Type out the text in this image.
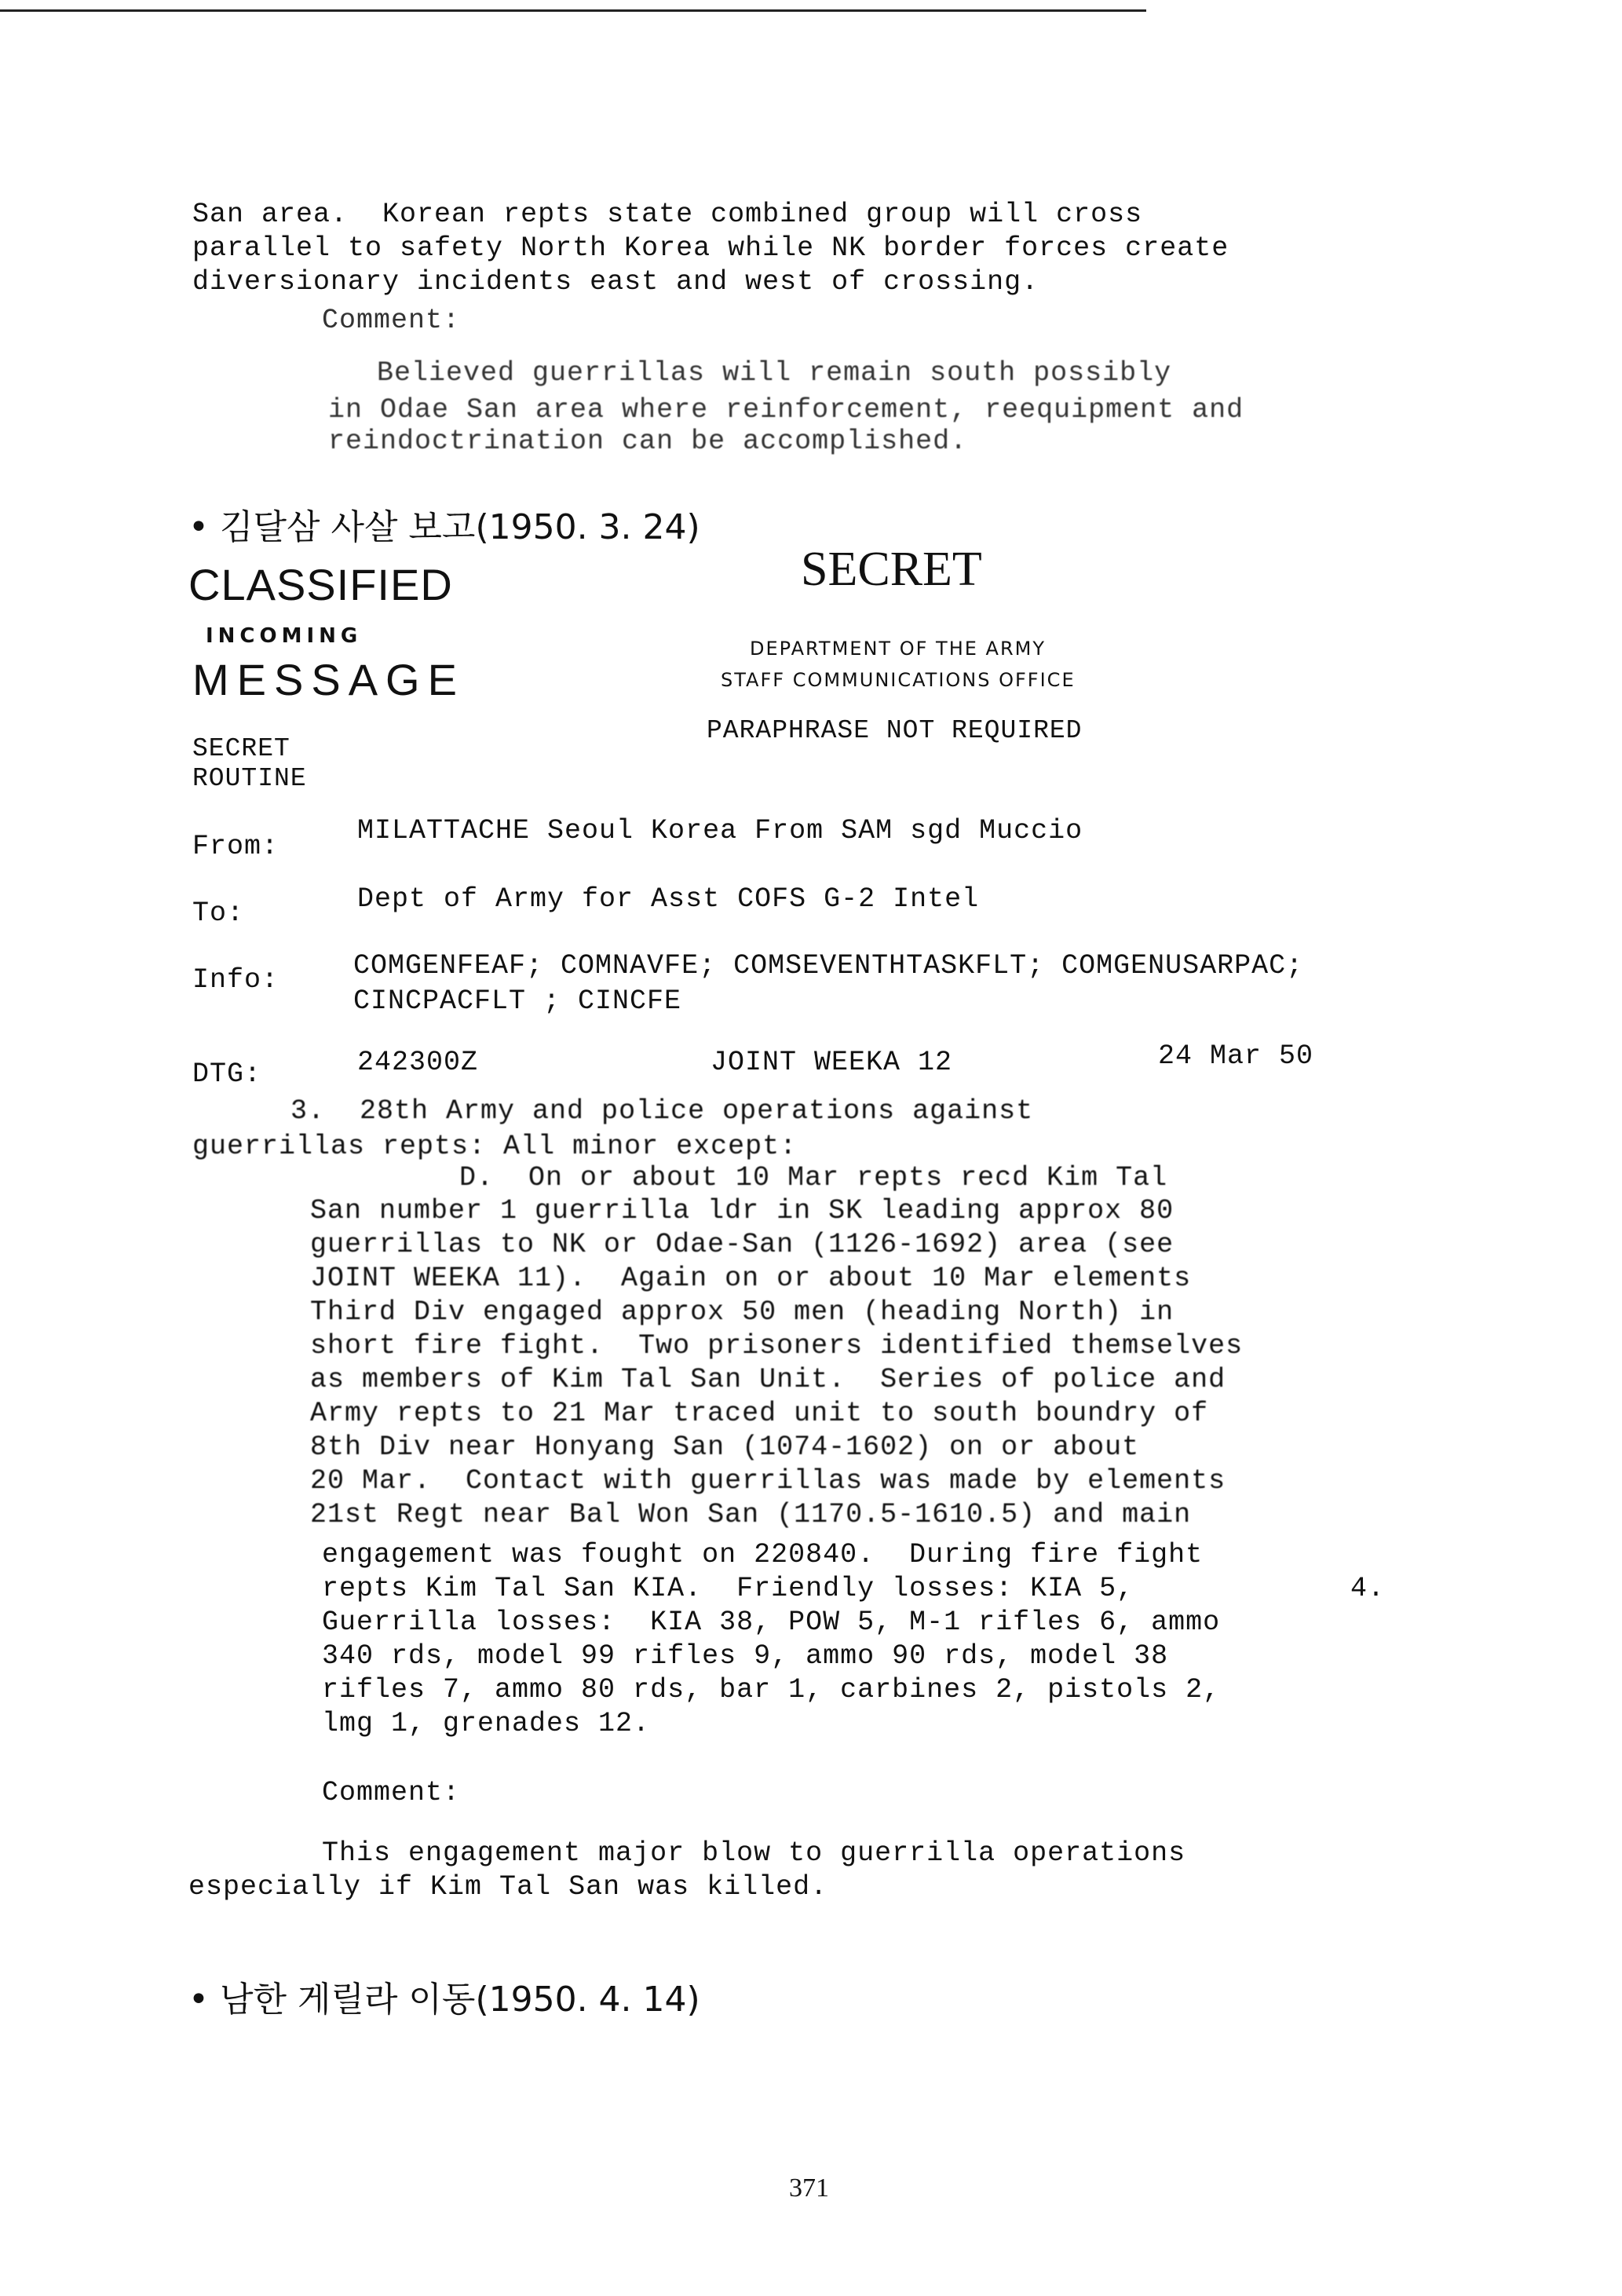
San area.  Korean repts state combined group will cross
parallel to safety North Korea while NK border forces create
diversionary incidents east and west of crossing.
Comment:
Believed guerrillas will remain south possibly
in Odae San area where reinforcement, reequipment and
reindoctrination can be accomplished.
• 김달삼 사살 보고(1950. 3. 24)
CLASSIFIED
INCOMING
MESSAGE
SECRET
DEPARTMENT OF THE ARMY
STAFF COMMUNICATIONS OFFICE
SECRET
ROUTINE
PARAPHRASE NOT REQUIRED
From:	MILATTACHE Seoul Korea From SAM sgd Muccio
To:	Dept of Army for Asst COFS G-2 Intel
Info:	COMGENFEAF; COMNAVFE; COMSEVENTHTASKFLT; COMGENUSARPAC;
CINCPACFLT ; CINCFE
DTG:	242300Z	JOINT WEEKA 12	24 Mar 50
3.  28th Army and police operations against
guerrillas repts: All minor except:
D.  On or about 10 Mar repts recd Kim Tal
San number 1 guerrilla ldr in SK leading approx 80
guerrillas to NK or Odae-San (1126-1692) area (see
JOINT WEEKA 11).  Again on or about 10 Mar elements
Third Div engaged approx 50 men (heading North) in
short fire fight.  Two prisoners identified themselves
as members of Kim Tal San Unit.  Series of police and
Army repts to 21 Mar traced unit to south boundry of
8th Div near Honyang San (1074-1602) on or about
20 Mar.  Contact with guerrillas was made by elements
21st Regt near Bal Won San (1170.5-1610.5) and main
engagement was fought on 220840.  During fire fight
repts Kim Tal San KIA.  Friendly losses: KIA 5,	4.
Guerrilla losses:  KIA 38, POW 5, M-1 rifles 6, ammo
340 rds, model 99 rifles 9, ammo 90 rds, model 38
rifles 7, ammo 80 rds, bar 1, carbines 2, pistols 2,
lmg 1, grenades 12.
Comment:
This engagement major blow to guerrilla operations
especially if Kim Tal San was killed.
• 남한 게릴라 이동(1950. 4. 14)
371
